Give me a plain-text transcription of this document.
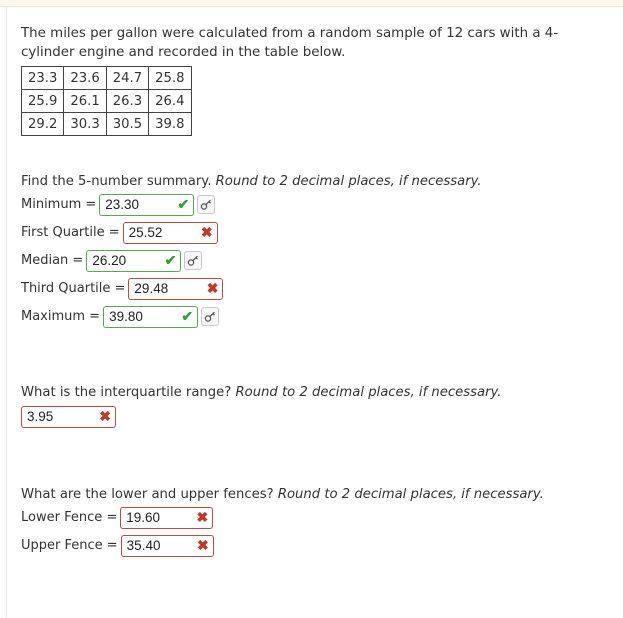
The miles per gallon were calculated from a random sample of 12 cars with a 4-cylinder engine and recorded in the table below.

23.3	23.6	24.7	25.8
25.9	26.1	26.3	26.4
29.2	30.3	30.5	39.8

Find the 5-number summary. Round to 2 decimal places, if necessary.

Minimum = 23.30	✔
First Quartile = 25.52	✖
Median = 26.20	✔
Third Quartile = 29.48	✖
Maximum = 39.80	✔

What is the interquartile range? Round to 2 decimal places, if necessary.

3.95	✖

What are the lower and upper fences? Round to 2 decimal places, if necessary.

Lower Fence = 19.60	✖
Upper Fence = 35.40	✖
